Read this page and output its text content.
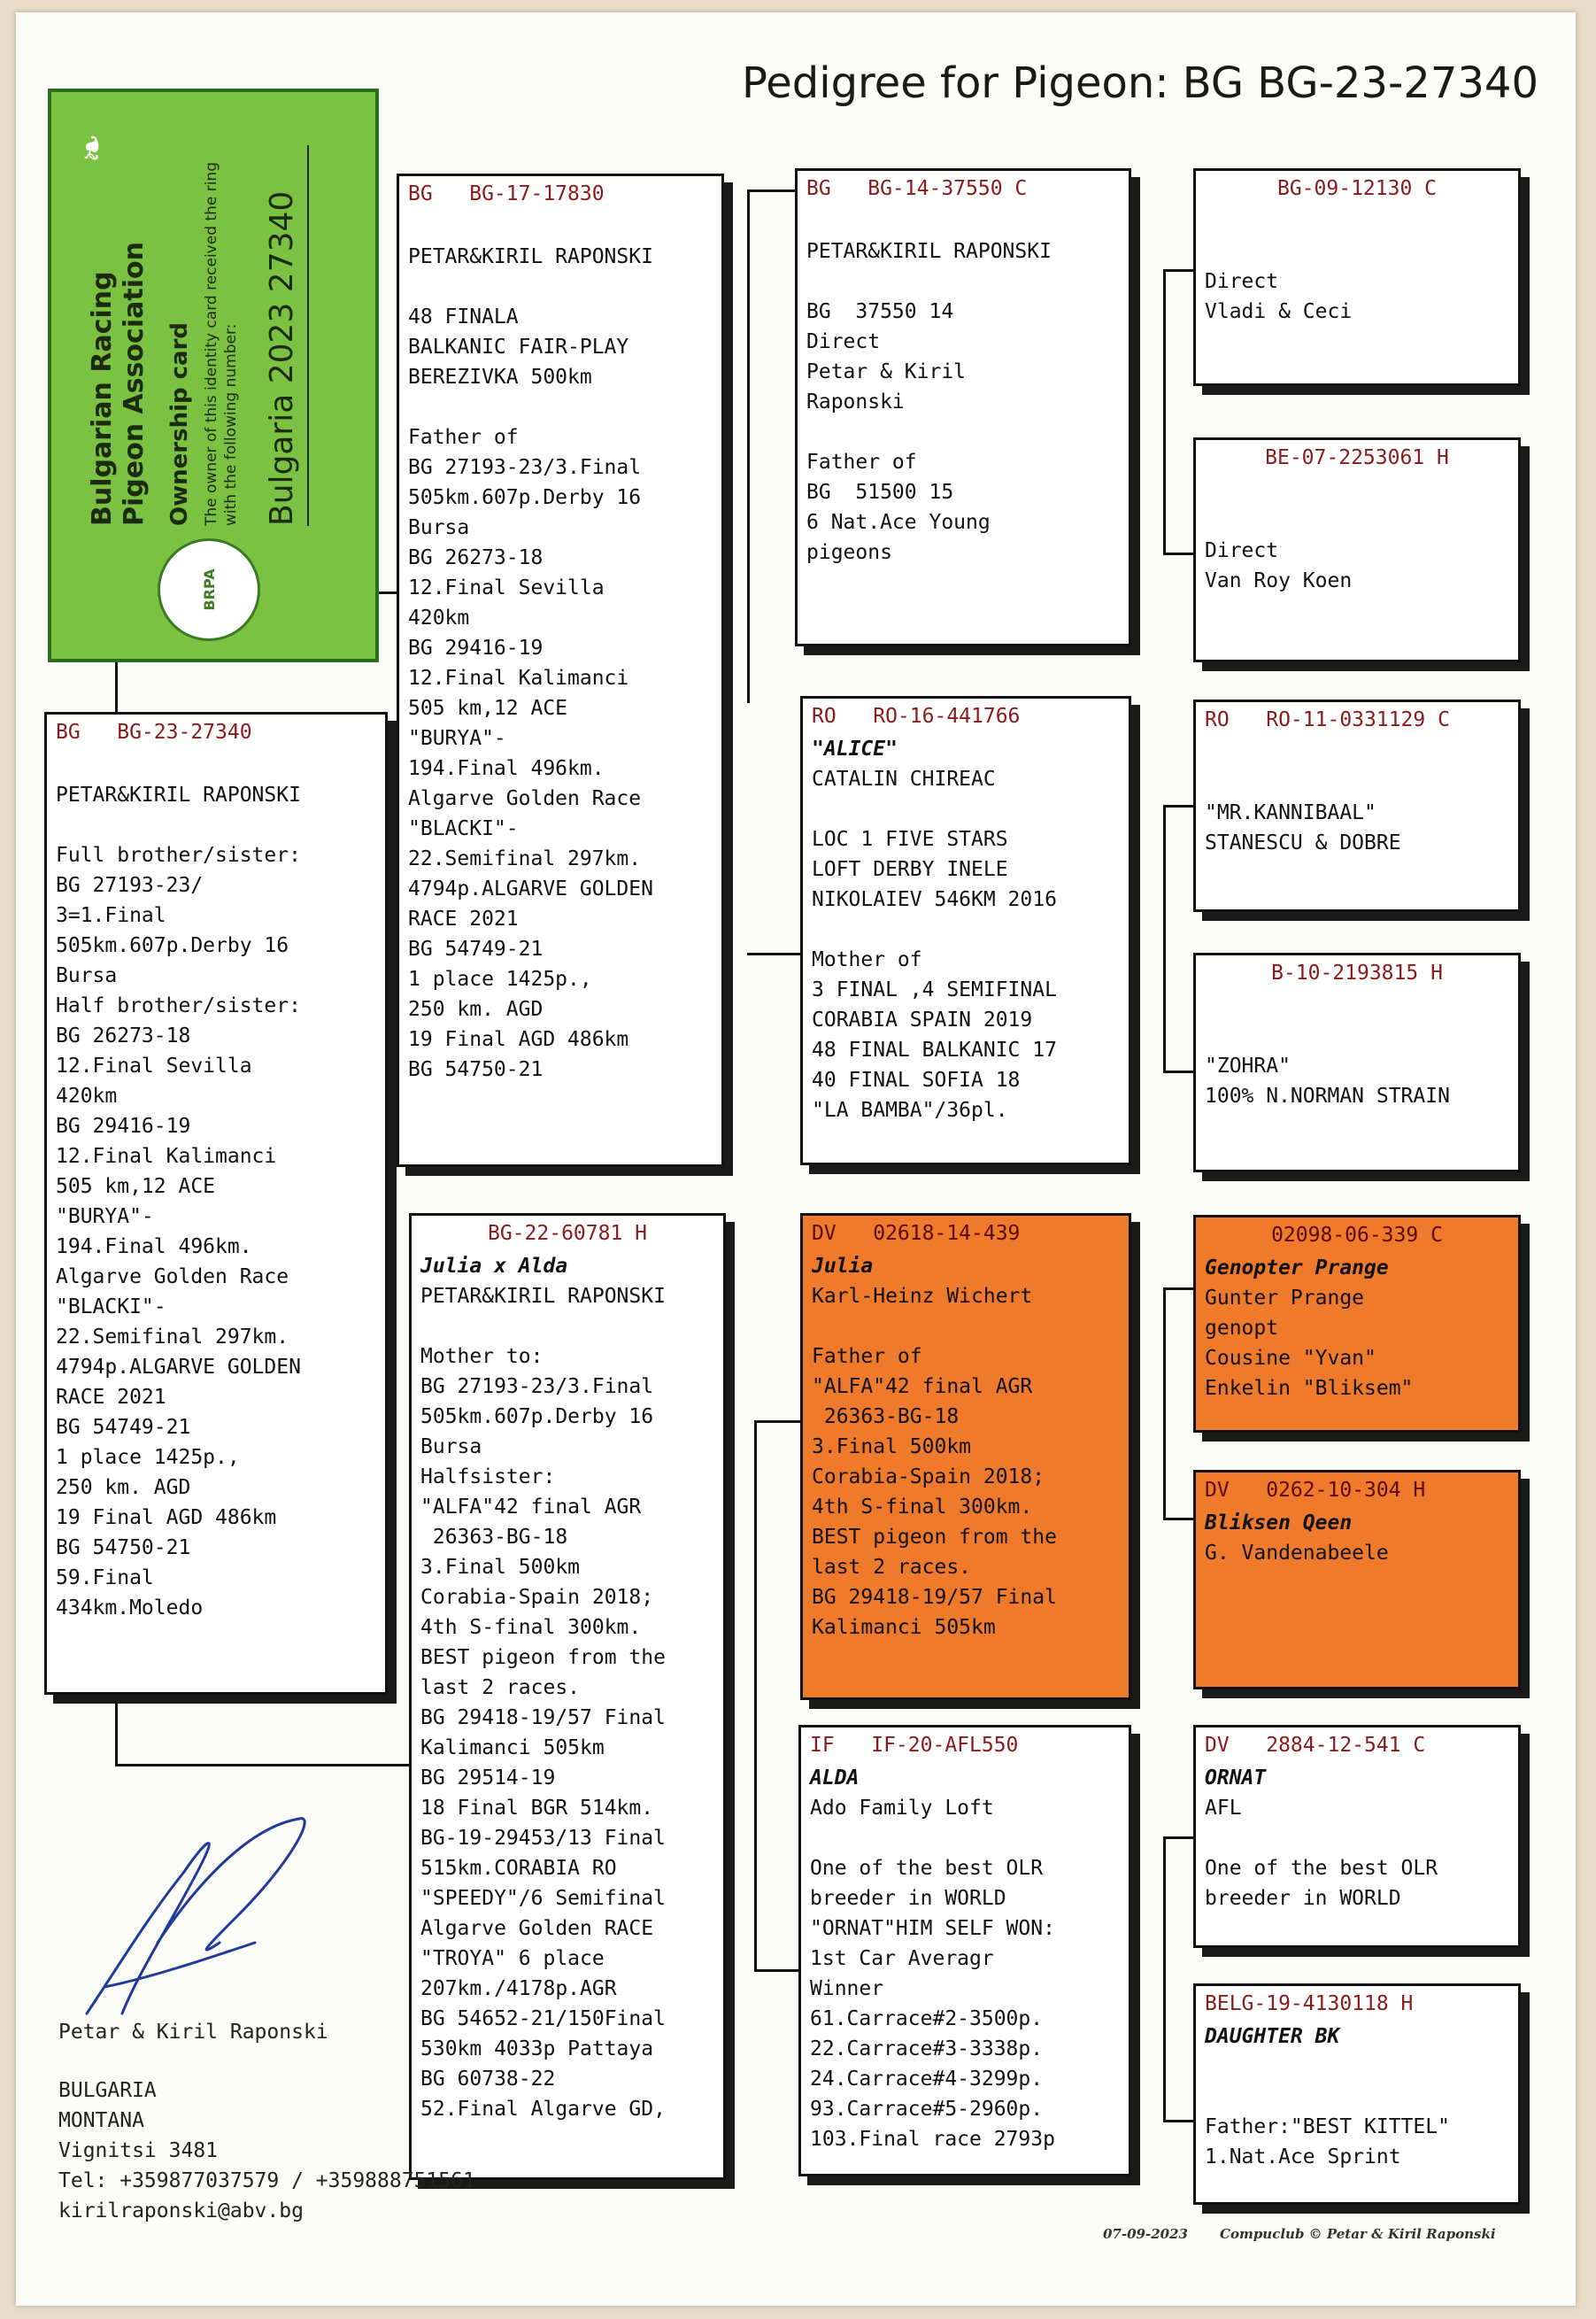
Pedigree for Pigeon: BG BG-23-27340
BRPA
Bulgarian Racing Pigeon Association
❧
Ownership card The owner of this identity card received the ring with the following number: Bulgaria 2023 27340
BG   BG-23-27340
PETAR&KIRIL RAPONSKI
Full brother/sister:
BG 27193-23/
3=1.Final
505km.607p.Derby 16
Bursa
Half brother/sister:
BG 26273-18
12.Final Sevilla
420km
BG 29416-19
12.Final Kalimanci
505 km,12 ACE
"BURYA"-
194.Final 496km.
Algarve Golden Race
"BLACKI"-
22.Semifinal 297km.
4794p.ALGARVE GOLDEN
RACE 2021
BG 54749-21
1 place 1425p.,
250 km. AGD
19 Final AGD 486km
BG 54750-21
59.Final
434km.Moledo
BG   BG-17-17830
PETAR&KIRIL RAPONSKI
48 FINALA
BALKANIC FAIR-PLAY
BEREZIVKA 500km
Father of
BG 27193-23/3.Final
505km.607p.Derby 16
Bursa
BG 26273-18
12.Final Sevilla
420km
BG 29416-19
12.Final Kalimanci
505 km,12 ACE
"BURYA"-
194.Final 496km.
Algarve Golden Race
"BLACKI"-
22.Semifinal 297km.
4794p.ALGARVE GOLDEN
RACE 2021
BG 54749-21
1 place 1425p.,
250 km. AGD
19 Final AGD 486km
BG 54750-21
BG-22-60781 H
Julia x Alda
PETAR&KIRIL RAPONSKI
Mother to:
BG 27193-23/3.Final
505km.607p.Derby 16
Bursa
Halfsister:
"ALFA"42 final AGR
26363-BG-18
3.Final 500km
Corabia-Spain 2018;
4th S-final 300km.
BEST pigeon from the
last 2 races.
BG 29418-19/57 Final
Kalimanci 505km
BG 29514-19
18 Final BGR 514km.
BG-19-29453/13 Final
515km.CORABIA RO
"SPEEDY"/6 Semifinal
Algarve Golden RACE
"TROYA" 6 place
207km./4178p.AGR
BG 54652-21/150Final
530km 4033p Pattaya
BG 60738-22
52.Final Algarve GD,
BG   BG-14-37550 C
PETAR&KIRIL RAPONSKI
BG  37550 14
Direct
Petar & Kiril
Raponski
Father of
BG  51500 15
6 Nat.Ace Young
pigeons
RO   RO-16-441766
"ALICE"
CATALIN CHIREAC
LOC 1 FIVE STARS
LOFT DERBY INELE
NIKOLAIEV 546KM 2016
Mother of
3 FINAL ,4 SEMIFINAL
CORABIA SPAIN 2019
48 FINAL BALKANIC 17
40 FINAL SOFIA 18
"LA BAMBA"/36pl.
DV   02618-14-439
Julia
Karl-Heinz Wichert
Father of
"ALFA"42 final AGR
26363-BG-18
3.Final 500km
Corabia-Spain 2018;
4th S-final 300km.
BEST pigeon from the
last 2 races.
BG 29418-19/57 Final
Kalimanci 505km
IF   IF-20-AFL550
ALDA
Ado Family Loft
One of the best OLR
breeder in WORLD
"ORNAT"HIM SELF WON:
1st Car Averagr
Winner
61.Carrace#2-3500p.
22.Carrace#3-3338p.
24.Carrace#4-3299p.
93.Carrace#5-2960p.
103.Final race 2793p
BG-09-12130 C
Direct
Vladi & Ceci
BE-07-2253061 H
Direct
Van Roy Koen
RO   RO-11-0331129 C
"MR.KANNIBAAL"
STANESCU & DOBRE
B-10-2193815 H
"ZOHRA"
100% N.NORMAN STRAIN
02098-06-339 C
Genopter Prange
Gunter Prange
genopt
Cousine "Yvan"
Enkelin "Bliksem"
DV   0262-10-304 H
Bliksen Qeen
G. Vandenabeele
DV   2884-12-541 C
ORNAT
AFL
One of the best OLR
breeder in WORLD
BELG-19-4130118 H
DAUGHTER BK
Father:"BEST KITTEL"
1.Nat.Ace Sprint
Petar & Kiril Raponski
BULGARIA
MONTANA
Vignitsi 3481
Tel: +359877037579 / +359888751561
kirilraponski@abv.bg
07-09-2023 Compuclub © Petar & Kiril Raponski
